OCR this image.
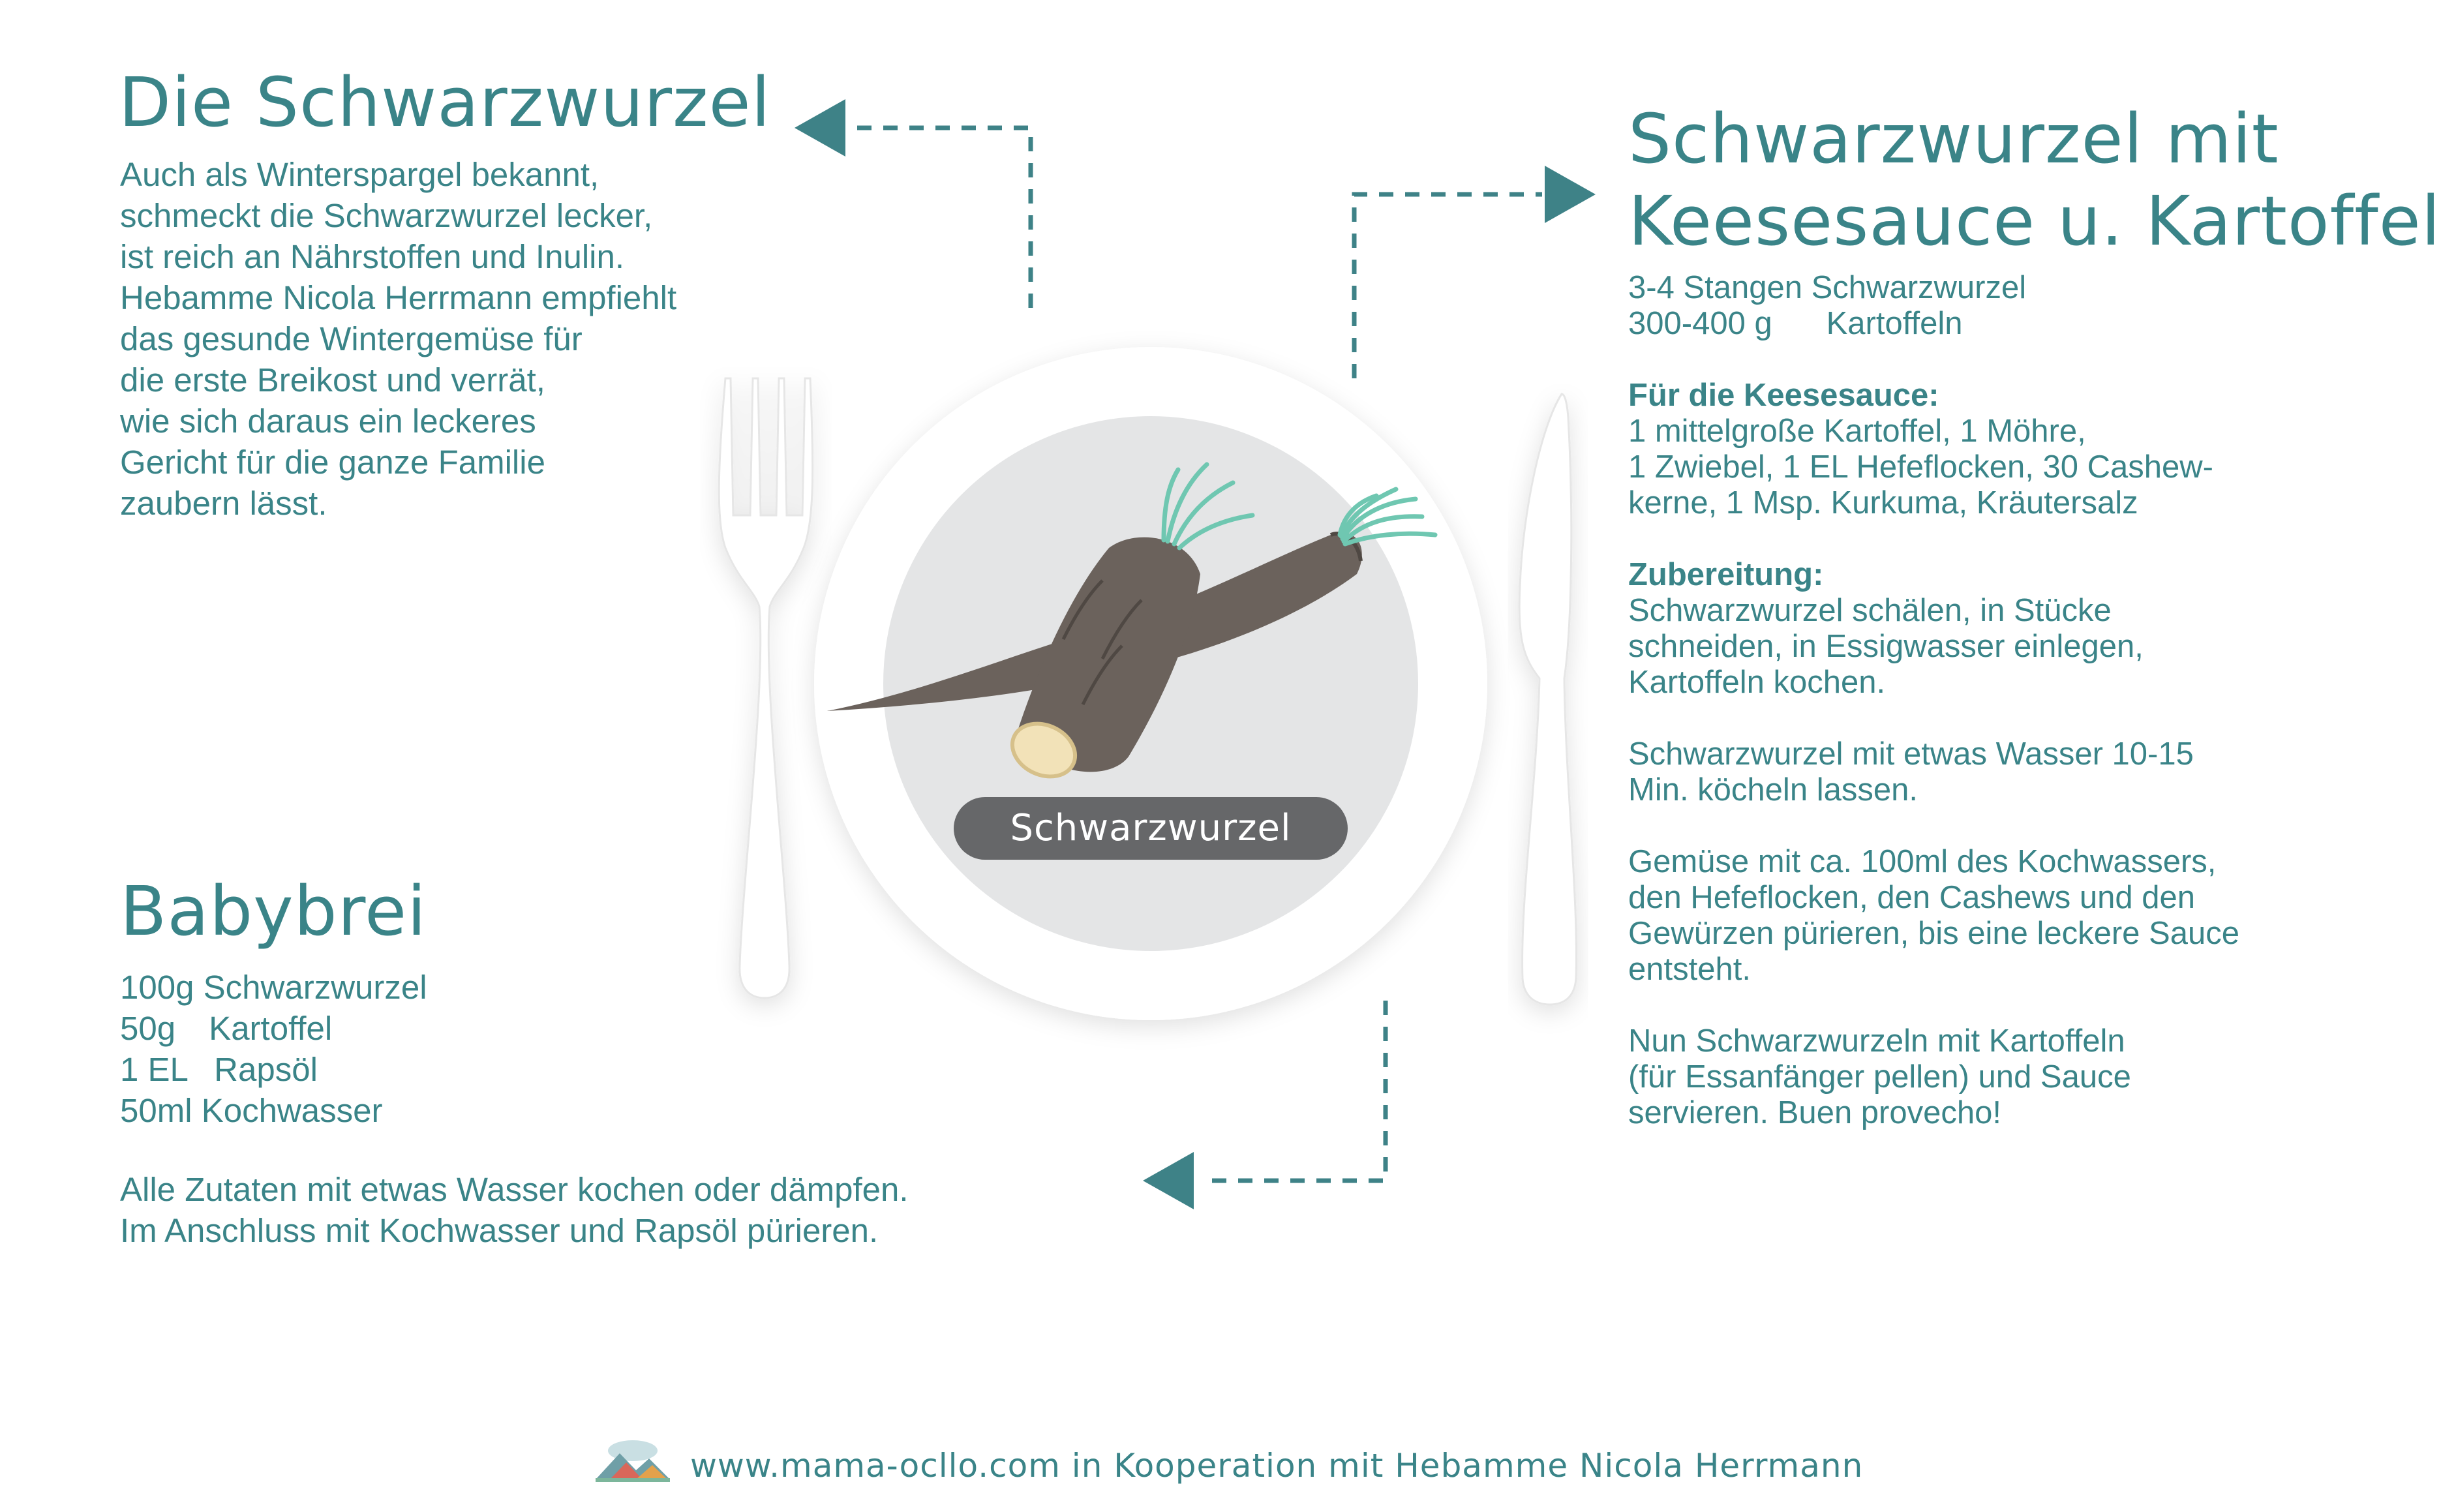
Schwarzwurzel
Die Schwarzwurzel
Auch als Winterspargel bekannt,
schmeckt die Schwarzwurzel lecker,
ist reich an Nährstoffen und Inulin.
Hebamme Nicola Herrmann empfiehlt
das gesunde Wintergemüse für
die erste Breikost und verrät,
wie sich daraus ein leckeres
Gericht für die ganze Familie
zaubern lässt.
Babybrei
100g Schwarzwurzel
50g Kartoffel
1 EL Rapsöl
50ml Kochwasser
Alle Zutaten mit etwas Wasser kochen oder dämpfen.
Im Anschluss mit Kochwasser und Rapsöl pürieren.
Schwarzwurzel mit
Keesesauce u. Kartoffel
3-4 Stangen Schwarzwurzel
300-400 g Kartoffeln
Für die Keesesauce:
1 mittelgroße Kartoffel, 1 Möhre,
1 Zwiebel, 1 EL Hefeflocken, 30 Cashew-
kerne, 1 Msp. Kurkuma, Kräutersalz
Zubereitung:
Schwarzwurzel schälen, in Stücke
schneiden, in Essigwasser einlegen,
Kartoffeln kochen.
Schwarzwurzel mit etwas Wasser 10-15
Min. köcheln lassen.
Gemüse mit ca. 100ml des Kochwassers,
den Hefeflocken, den Cashews und den
Gewürzen pürieren, bis eine leckere Sauce
entsteht.
Nun Schwarzwurzeln mit Kartoffeln
(für Essanfänger pellen) und Sauce
servieren. Buen provecho!
www.mama-ocllo.com in Kooperation mit Hebamme Nicola Herrmann
